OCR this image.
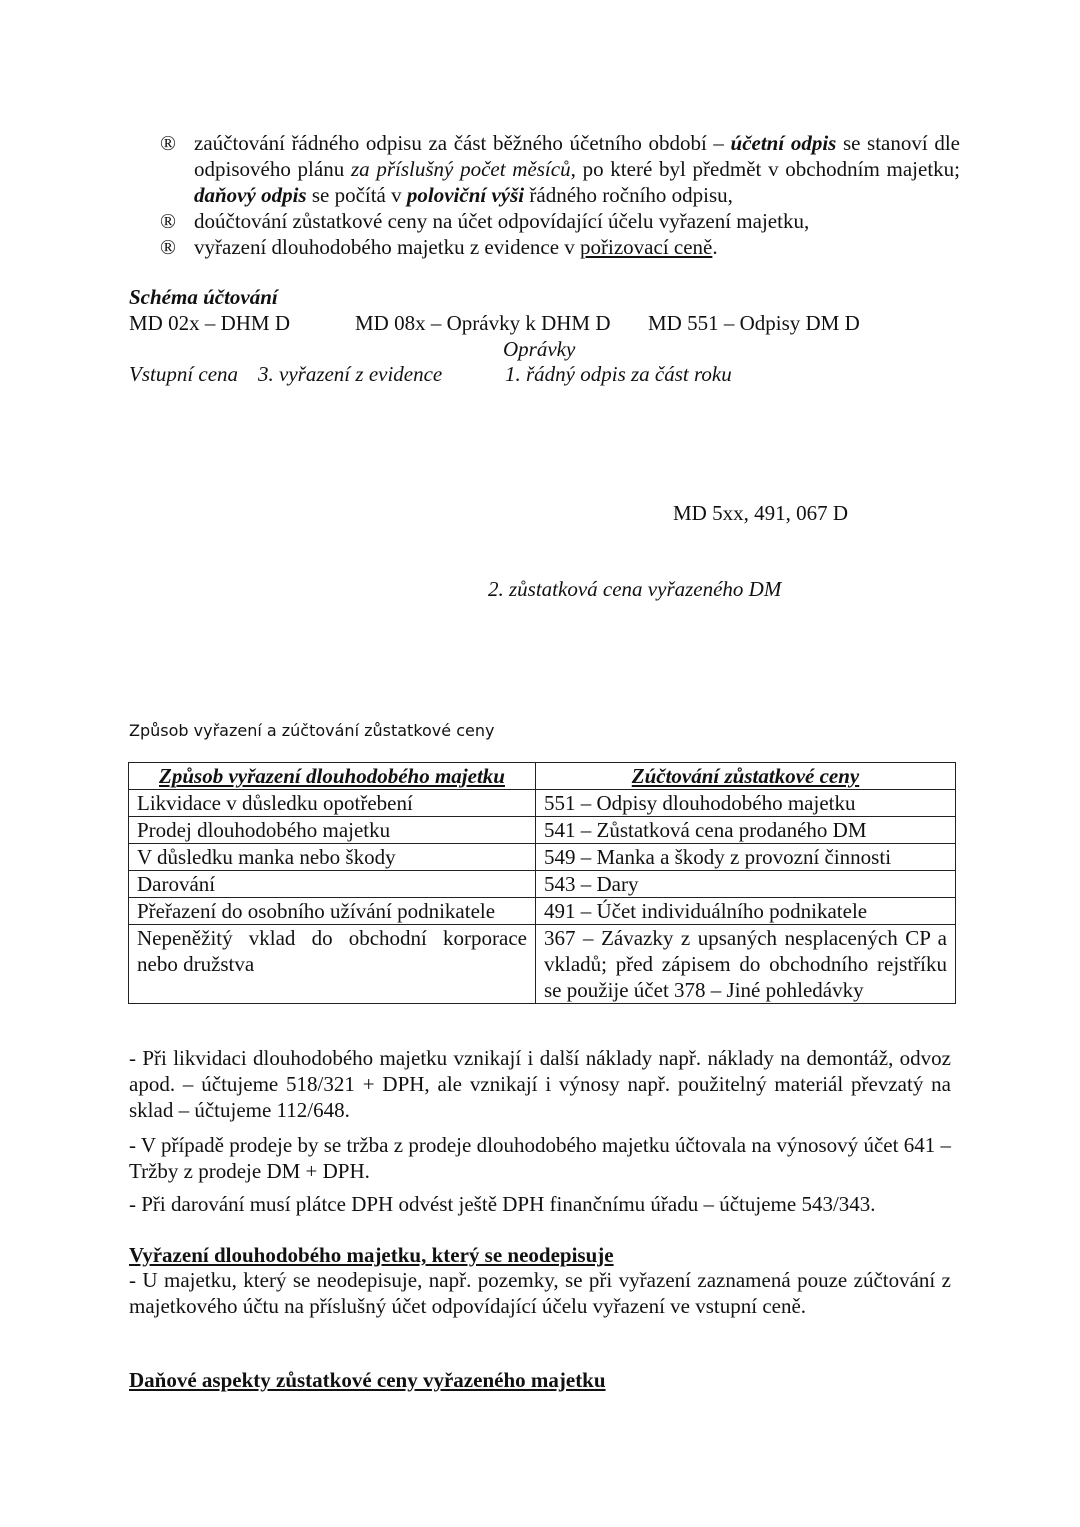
® zaúčtování řádného odpisu za část běžného účetního období – účetní odpis se stanoví dle odpisového plánu za příslušný počet měsíců, po které byl předmět v obchodním majetku; daňový odpis se počítá v poloviční výši řádného ročního odpisu,
® doúčtování zůstatkové ceny na účet odpovídající účelu vyřazení majetku,
® vyřazení dlouhodobého majetku z evidence v pořizovací ceně.
Schéma účtování
MD 02x – DHM D	MD 08x – Oprávky k DHM D MD 551 – Odpisy DM D
Oprávky
Vstupní cena 3. vyřazení z evidence	1. řádný odpis za část roku
MD 5xx, 491, 067 D
2. zůstatková cena vyřazeného DM
Způsob vyřazení a zúčtování zůstatkové ceny
Způsob vyřazení dlouhodobého majetku	Zúčtování zůstatkové ceny
Likvidace v důsledku opotřebení	551 – Odpisy dlouhodobého majetku
Prodej dlouhodobého majetku	541 – Zůstatková cena prodaného DM
V důsledku manka nebo škody	549 – Manka a škody z provozní činnosti
Darování	543 – Dary
Přeřazení do osobního užívání podnikatele	491 – Účet individuálního podnikatele
Nepeněžitý vklad do obchodní korporace nebo družstva	367 – Závazky z upsaných nesplacených CP a vkladů; před zápisem do obchodního rejstříku se použije účet 378 – Jiné pohledávky
- Při likvidaci dlouhodobého majetku vznikají i další náklady např. náklady na demontáž, odvoz apod. – účtujeme 518/321 + DPH, ale vznikají i výnosy např. použitelný materiál převzatý na sklad – účtujeme 112/648.
- V případě prodeje by se tržba z prodeje dlouhodobého majetku účtovala na výnosový účet 641 – Tržby z prodeje DM + DPH.
- Při darování musí plátce DPH odvést ještě DPH finančnímu úřadu – účtujeme 543/343.
Vyřazení dlouhodobého majetku, který se neodepisuje
- U majetku, který se neodepisuje, např. pozemky, se při vyřazení zaznamená pouze zúčtování z majetkového účtu na příslušný účet odpovídající účelu vyřazení ve vstupní ceně.
Daňové aspekty zůstatkové ceny vyřazeného majetku
